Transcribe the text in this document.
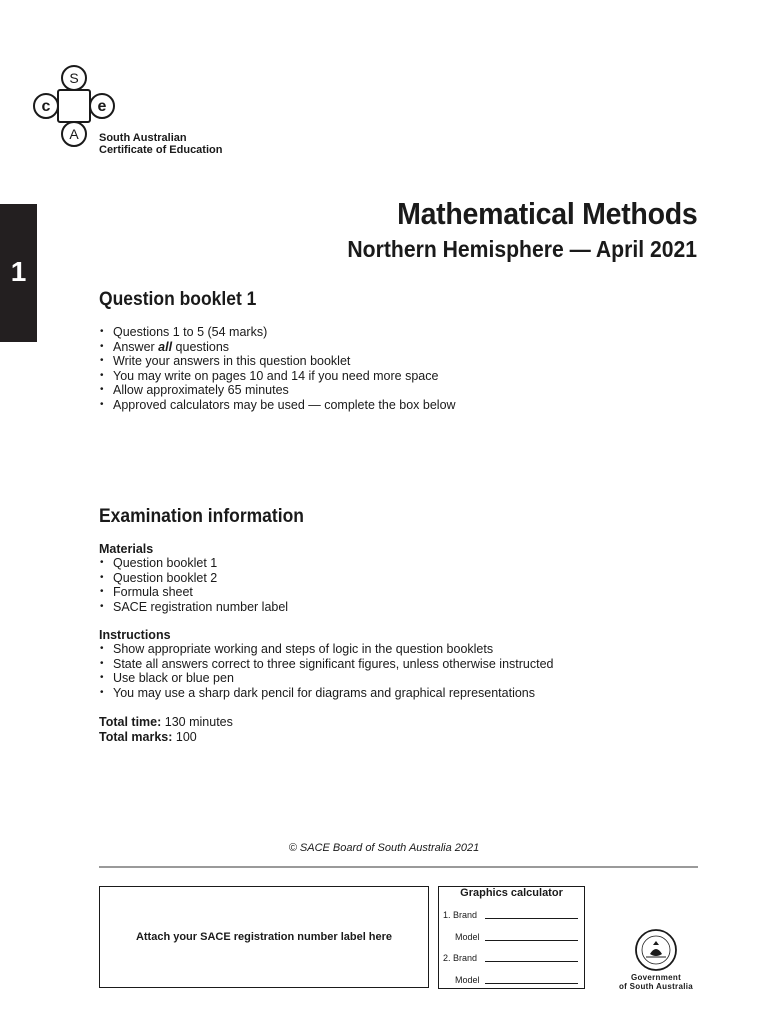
S
c	e
A South Australian
Certificate of Education
1
Mathematical Methods
Northern Hemisphere — April 2021
Question booklet 1
• Questions 1 to 5 (54 marks)
• Answer all questions
• Write your answers in this question booklet
• You may write on pages 10 and 14 if you need more space
• Allow approximately 65 minutes
• Approved calculators may be used — complete the box below
Examination information
Materials
• Question booklet 1
• Question booklet 2
• Formula sheet
• SACE registration number label
Instructions
• Show appropriate working and steps of logic in the question booklets
• State all answers correct to three significant figures, unless otherwise instructed
• Use black or blue pen
• You may use a sharp dark pencil for diagrams and graphical representations
Total time: 130 minutes
Total marks: 100
© SACE Board of South Australia 2021
Attach your SACE registration number label here
Graphics calculator
1. Brand
Model
2. Brand
Model	Government
of South Australia
